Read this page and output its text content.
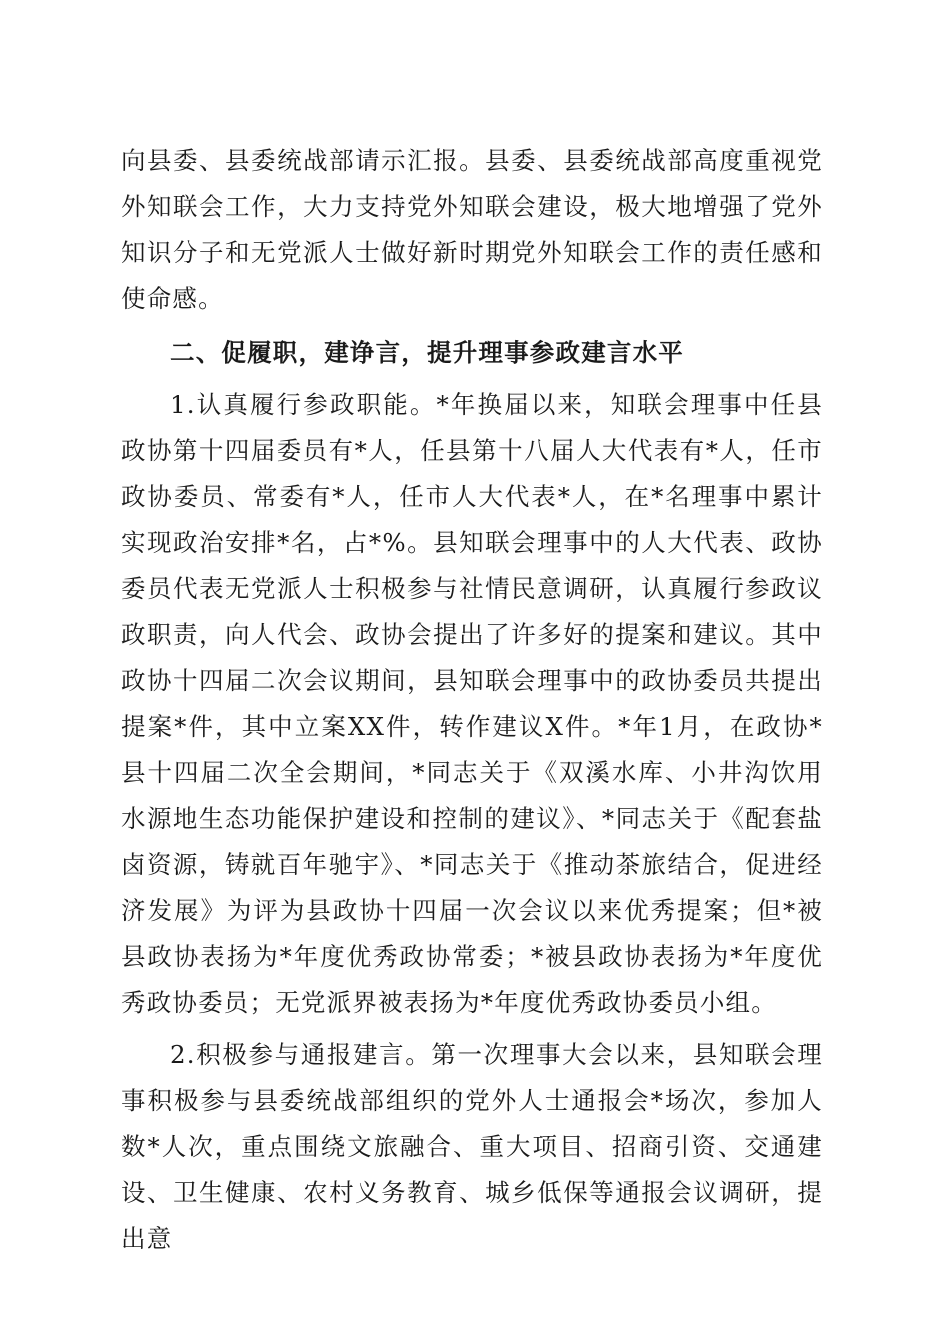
向县委、县委统战部请示汇报。县委、县委统战部高度重视党外知联会工作，大力支持党外知联会建设，极大地增强了党外知识分子和无党派人士做好新时期党外知联会工作的责任感和使命感。

二、促履职，建诤言，提升理事参政建言水平

1.认真履行参政职能。*年换届以来，知联会理事中任县政协第十四届委员有*人，任县第十八届人大代表有*人，任市政协委员、常委有*人，任市人大代表*人，在*名理事中累计实现政治安排*名，占*%。县知联会理事中的人大代表、政协委员代表无党派人士积极参与社情民意调研，认真履行参政议政职责，向人代会、政协会提出了许多好的提案和建议。其中政协十四届二次会议期间，县知联会理事中的政协委员共提出提案*件，其中立案XX件，转作建议X件。*年1月，在政协*县十四届二次全会期间，*同志关于《双溪水库、小井沟饮用水源地生态功能保护建设和控制的建议》、*同志关于《配套盐卤资源，铸就百年驰宇》、*同志关于《推动茶旅结合，促进经济发展》为评为县政协十四届一次会议以来优秀提案；但*被县政协表扬为*年度优秀政协常委；*被县政协表扬为*年度优秀政协委员；无党派界被表扬为*年度优秀政协委员小组。

2.积极参与通报建言。第一次理事大会以来，县知联会理事积极参与县委统战部组织的党外人士通报会*场次，参加人数*人次，重点围绕文旅融合、重大项目、招商引资、交通建设、卫生健康、农村义务教育、城乡低保等通报会议调研，提出意
